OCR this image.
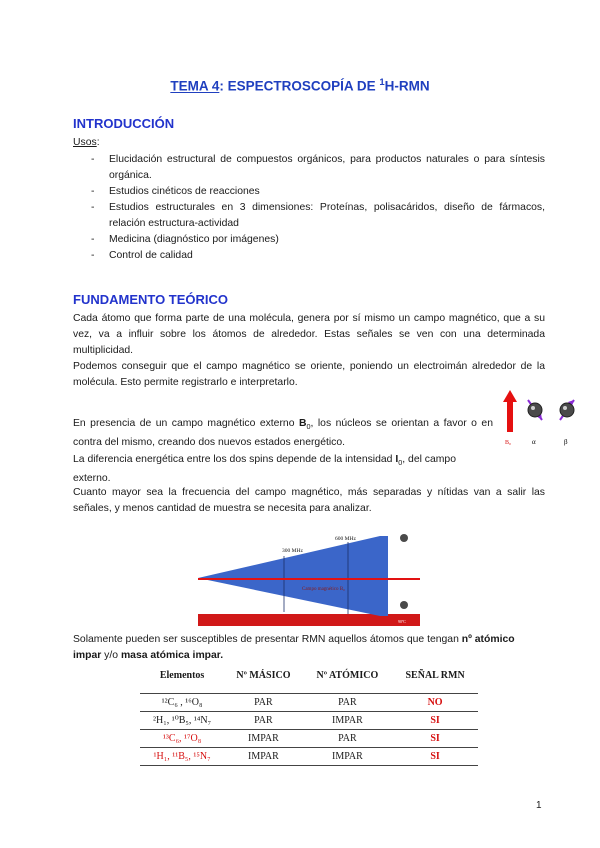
TEMA 4: ESPECTROSCOPÍA DE $^1$H-RMN
INTRODUCCIÓN
Usos:
- Elucidación estructural de compuestos orgánicos, para productos naturales o para síntesis orgánica.
- Estudios cinéticos de reacciones
- Estudios estructurales en 3 dimensiones: Proteínas, polisacáridos, diseño de fármacos, relación estructura-actividad
- Medicina (diagnóstico por imágenes)
- Control de calidad
FUNDAMENTO TEÓRICO
Cada átomo que forma parte de una molécula, genera por sí mismo un campo magnético, que a su vez, va a influir sobre los átomos de alrededor. Estas señales se ven con una determinada multiplicidad.
Podemos conseguir que el campo magnético se oriente, poniendo un electroimán alrededor de la molécula. Esto permite registrarlo e interpretarlo.
En presencia de un campo magnético externo $B_0$, los núcleos se orientan a favor o en contra del mismo, creando dos nuevos estados energético.
La diferencia energética entre los dos spins depende de la intensidad $I_0$, del campo externo.
Cuanto mayor sea la frecuencia del campo magnético, más separadas y nítidas van a salir las señales, y menos cantidad de muestra se necesita para analizar.
B₀	α	β
300 MHz
600 MHz
Campo magnético B₀
90ºC
Solamente pueden ser susceptibles de presentar RMN aquellos átomos que tengan nº atómico impar y/o masa atómica impar.
Elementos	Nº MÁSICO	Nº ATÓMICO	SEÑAL RMN
¹²C₆ , ¹⁶O₈	PAR	PAR	NO
²H₁, ¹⁰B₅, ¹⁴N₇	PAR	IMPAR	SI
¹³C₆, ¹⁷O₈	IMPAR	PAR	SI
¹H₁, ¹¹B₅, ¹⁵N₇	IMPAR	IMPAR	SI
1
